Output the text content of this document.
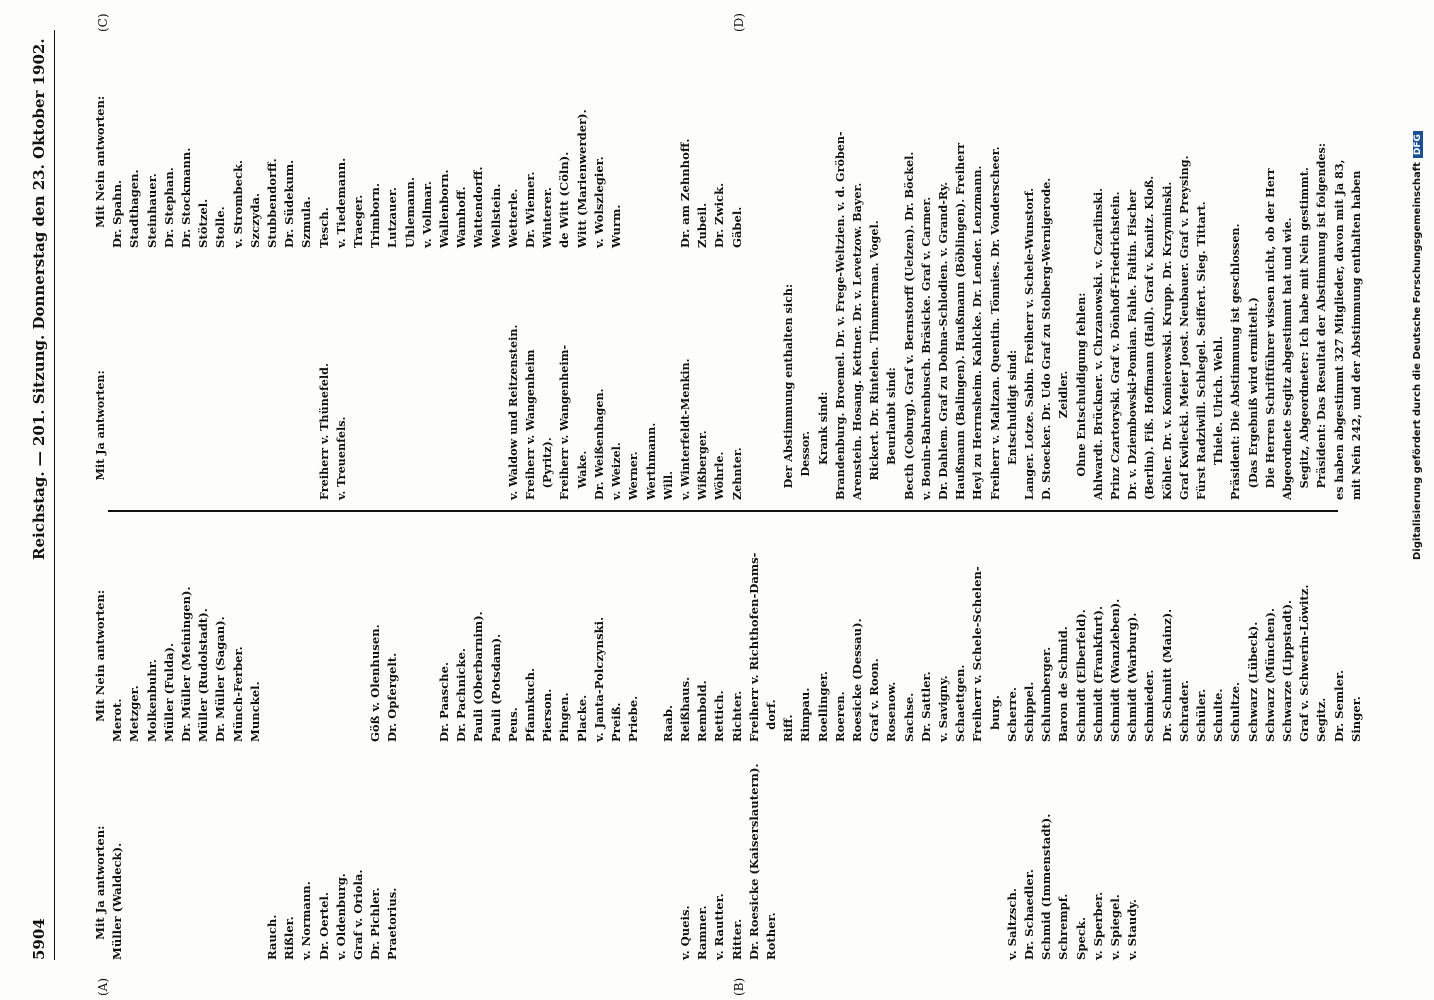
5904
Reichstag. — 201. Sitzung. Donnerstag den 23. Oktober 1902.
(A)	(B)
(C)	(D)
Mit Ja antworten:
Müller (Waldeck).

Rauch.
Rißler.
v. Normann.
Dr. Oertel.
v. Oldenburg.
Graf v. Oriola.
Dr. Pichler.
Praetorius.

v. Queis.
Ramner.
v. Rautter.
Ritter.
Dr. Roesicke (Kaiserslautern).
Rother.

v. Saltzsch.
Dr. Schaedler.
Schmid (Immenstadt).
Schrempf.
Speck.
v. Sperber.
v. Spiegel.
v. Staudy.
Mit Nein antworten:
Merot.
Metzger.
Molkenbuhr.
Müller (Fulda).
Dr. Müller (Meiningen).
Müller (Rudolstadt).
Dr. Müller (Sagan).
Münch-Ferber.
Munckel.

Göß v. Olenhusen.
Dr. Opfergelt.

Dr. Paasche.
Dr. Pachnicke.
Pauli (Oberbarnim).
Pauli (Potsdam).
Peus.
Pfannkuch.
Pierson.
Pingen.
Placke.
v. Janta-Polczynski.
Preiß.
Priebe.

Raab.
Reißhaus.
Rembold.
Rettich.
Richter.
Freiherr v. Richthofen-Dams-
dorf.
Riff.
Rimpau.
Roellinger.
Roeren.
Roesicke (Dessau).
Graf v. Roon.
Rosenow.
Sachse.
Dr. Sattler.
v. Savigny.
Schaettgen.
Freiherr v. Schele-Schelen-
burg.
Scherre.
Schippel.
Schlumberger.
Baron de Schmid.
Schmidt (Elberfeld).
Schmidt (Frankfurt).
Schmidt (Wanzleben).
Schmidt (Warburg).
Schmieder.
Dr. Schmitt (Mainz).
Schrader.
Schüler.
Schulte.
Schultze.
Schwarz (Lübeck).
Schwarz (München).
Schwarze (Lippstadt).
Graf v. Schwerin-Löwitz.
Segitz.
Dr. Semler.
Singer.
Mit Ja antworten:

Freiherr v. Thünefeld.
v. Treuenfels.

v. Waldow und Reitzenstein.
Freiherr v. Wangenheim
(Pyritz).
Freiherr v. Wangenheim-
Wake.
Dr. Weißenhagen.
v. Weizel.
Werner.
Werthmann.
Will.
v. Winterfeldt-Menkin.
Wißberger.
Wöhrle.
Zehnter.

Der Abstimmung enthalten sich:
Dessor.
Krank sind:
Brandenburg. Broemel. Dr. v. Frege-Weltzien. v. d. Gröben-
Arenstein. Hosang. Kettner. Dr. v. Levetzow. Bayer.
Rickert. Dr. Rintelen. Timmerman. Vogel.
Beurlaubt sind:
Becth (Coburg). Graf v. Bernstorff (Uelzen). Dr. Böckel.
v. Bonin-Bahrenbusch. Bräsicke. Graf v. Carmer.
Dr. Dahlem. Graf zu Dohna-Schlodien. v. Grand-Ry.
Haußmann (Balingen). Haußmann (Böblingen). Freiherr
Heyl zu Herrnsheim. Kahlcke. Dr. Lender. Lenzmann.
Freiherr v. Maltzan. Quentin. Tönnies. Dr. Vonderscheer.
Entschuldigt sind:
Langer. Lotze. Sabin. Freiherr v. Schele-Wunstorf.
D. Stoecker. Dr. Udo Graf zu Stolberg-Wernigerode.
Zeidler.
Ohne Entschuldigung fehlen:
Ahlwardt. Brückner. v. Chrzanowski. v. Czarlinski.
Prinz Czartoryski. Graf v. Dönhoff-Friedrichstein.
Dr. v. Dziembowski-Pomian. Fahle. Faltin. Fischer
(Berlin). Fiß. Hoffmann (Hall). Graf v. Kanitz. Kloß.
Köhler. Dr. v. Komierowski. Krupp. Dr. Krzyminski.
Graf Kwilecki. Meier Joost. Neubauer. Graf v. Preysing.
Fürst Radziwill. Schlegel. Seiffert. Sieg. Tittart.
Thiele. Ulrich. Wehl.
Präsident: Die Abstimmung ist geschlossen.
(Das Ergebniß wird ermittelt.)
Die Herren Schriftführer wissen nicht, ob der Herr
Abgeordnete Segitz abgestimmt hat und wie.
Segitz, Abgeordneter: Ich habe mit Nein gestimmt.
Präsident: Das Resultat der Abstimmung ist folgendes:
es haben abgestimmt 327 Mitglieder, davon mit Ja 83,
mit Nein 242, und der Abstimmung enthalten haben
Mit Nein antworten:
Dr. Spahn.
Stadthagen.
Steinhauer.
Dr. Stephan.
Dr. Stockmann.
Stötzel.
Stolle.
v. Strombeck.
Szczyda.
Stubbendorff.
Dr. Südekum.
Szmula.
Tesch.
v. Tiedemann.
Traeger.
Trimborn.
Lutzauer.
Uhlemann.
v. Vollmar.
Wallenborn.
Wamhoff.
Wattendorff.
Wellstein.
Wetterle.
Dr. Wiemer.
Winterer.
de Witt (Cöln).
Witt (Marienwerder).
v. Wolszlegier.
Wurm.

Dr. am Zehnhoff.
Zubeil.
Dr. Zwick.
Gäbel.	Digitalisierung gefördert durch die Deutsche ForschungsgemeinschaftDFG
